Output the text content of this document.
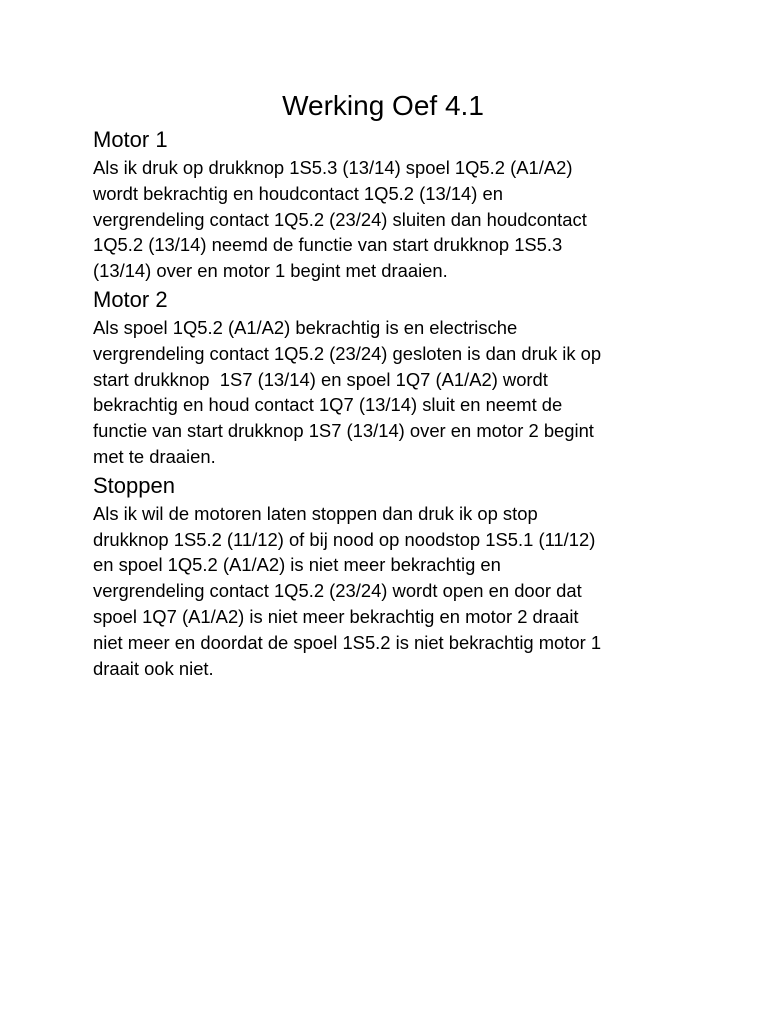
Werking Oef 4.1
Motor 1

Als ik druk op drukknop 1S5.3 (13/14) spoel 1Q5.2 (A1/A2)
wordt bekrachtig en houdcontact 1Q5.2 (13/14) en
vergrendeling contact 1Q5.2 (23/24) sluiten dan houdcontact
1Q5.2 (13/14) neemd de functie van start drukknop 1S5.3
(13/14) over en motor 1 begint met draaien.

Motor 2

Als spoel 1Q5.2 (A1/A2) bekrachtig is en electrische
vergrendeling contact 1Q5.2 (23/24) gesloten is dan druk ik op
start drukknop  1S7 (13/14) en spoel 1Q7 (A1/A2) wordt
bekrachtig en houd contact 1Q7 (13/14) sluit en neemt de
functie van start drukknop 1S7 (13/14) over en motor 2 begint
met te draaien.

Stoppen

Als ik wil de motoren laten stoppen dan druk ik op stop
drukknop 1S5.2 (11/12) of bij nood op noodstop 1S5.1 (11/12)
en spoel 1Q5.2 (A1/A2) is niet meer bekrachtig en
vergrendeling contact 1Q5.2 (23/24) wordt open en door dat
spoel 1Q7 (A1/A2) is niet meer bekrachtig en motor 2 draait
niet meer en doordat de spoel 1S5.2 is niet bekrachtig motor 1
draait ook niet.
